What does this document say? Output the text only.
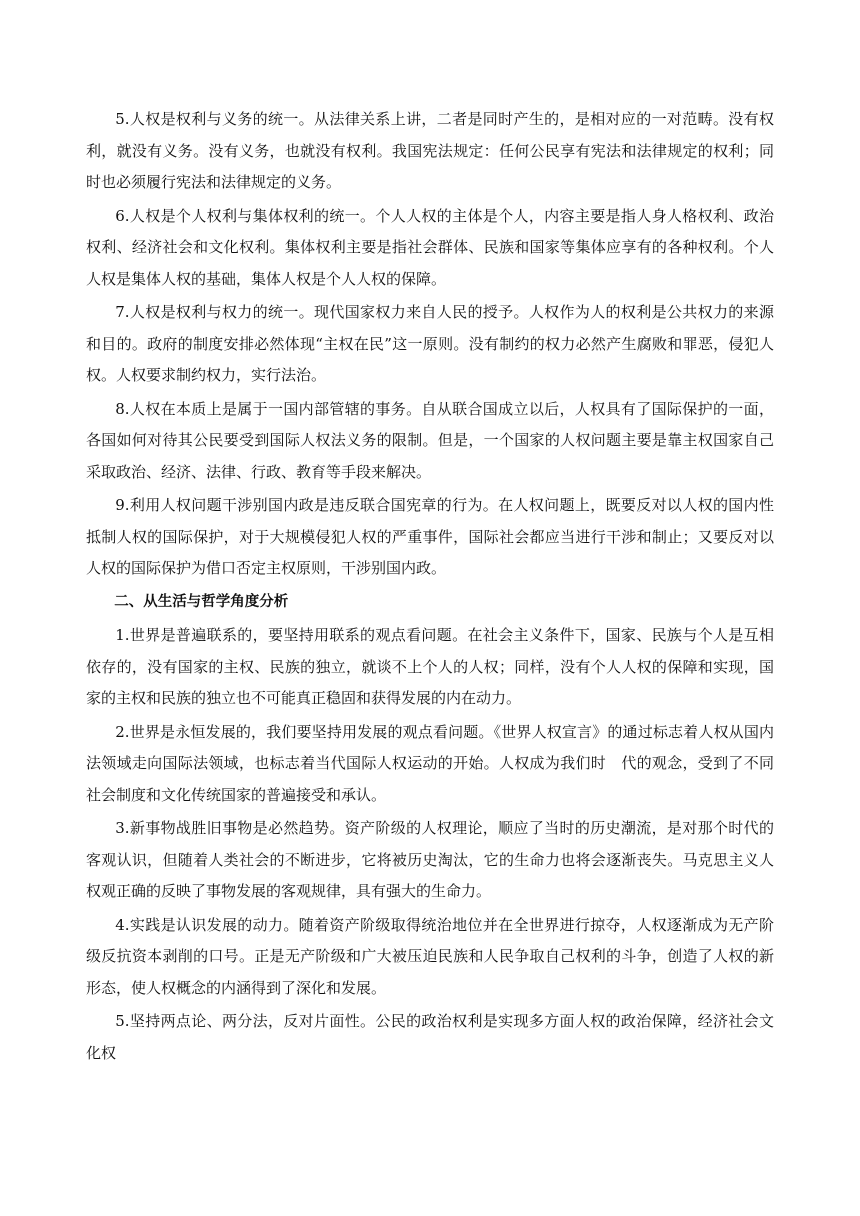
5.人权是权利与义务的统一。从法律关系上讲，二者是同时产生的，是相对应的一对范畴。没有权利，就没有义务。没有义务，也就没有权利。我国宪法规定：任何公民享有宪法和法律规定的权利；同时也必须履行宪法和法律规定的义务。

6.人权是个人权利与集体权利的统一。个人人权的主体是个人，内容主要是指人身人格权利、政治权利、经济社会和文化权利。集体权利主要是指社会群体、民族和国家等集体应享有的各种权利。个人人权是集体人权的基础，集体人权是个人人权的保障。

7.人权是权利与权力的统一。现代国家权力来自人民的授予。人权作为人的权利是公共权力的来源和目的。政府的制度安排必然体现“主权在民”这一原则。没有制约的权力必然产生腐败和罪恶，侵犯人权。人权要求制约权力，实行法治。

8.人权在本质上是属于一国内部管辖的事务。自从联合国成立以后，人权具有了国际保护的一面，各国如何对待其公民要受到国际人权法义务的限制。但是，一个国家的人权问题主要是靠主权国家自己采取政治、经济、法律、行政、教育等手段来解决。

9.利用人权问题干涉别国内政是违反联合国宪章的行为。在人权问题上，既要反对以人权的国内性抵制人权的国际保护，对于大规模侵犯人权的严重事件，国际社会都应当进行干涉和制止；又要反对以人权的国际保护为借口否定主权原则，干涉别国内政。

二、从生活与哲学角度分析

1.世界是普遍联系的，要坚持用联系的观点看问题。在社会主义条件下，国家、民族与个人是互相依存的，没有国家的主权、民族的独立，就谈不上个人的人权；同样，没有个人人权的保障和实现，国家的主权和民族的独立也不可能真正稳固和获得发展的内在动力。

2.世界是永恒发展的，我们要坚持用发展的观点看问题。《世界人权宣言》的通过标志着人权从国内法领域走向国际法领域，也标志着当代国际人权运动的开始。人权成为我们时　代的观念，受到了不同社会制度和文化传统国家的普遍接受和承认。

3.新事物战胜旧事物是必然趋势。资产阶级的人权理论，顺应了当时的历史潮流，是对那个时代的客观认识，但随着人类社会的不断进步，它将被历史淘汰，它的生命力也将会逐渐丧失。马克思主义人权观正确的反映了事物发展的客观规律，具有强大的生命力。

4.实践是认识发展的动力。随着资产阶级取得统治地位并在全世界进行掠夺，人权逐渐成为无产阶级反抗资本剥削的口号。正是无产阶级和广大被压迫民族和人民争取自己权利的斗争，创造了人权的新形态，使人权概念的内涵得到了深化和发展。

5.坚持两点论、两分法，反对片面性。公民的政治权利是实现多方面人权的政治保障，经济社会文化权
